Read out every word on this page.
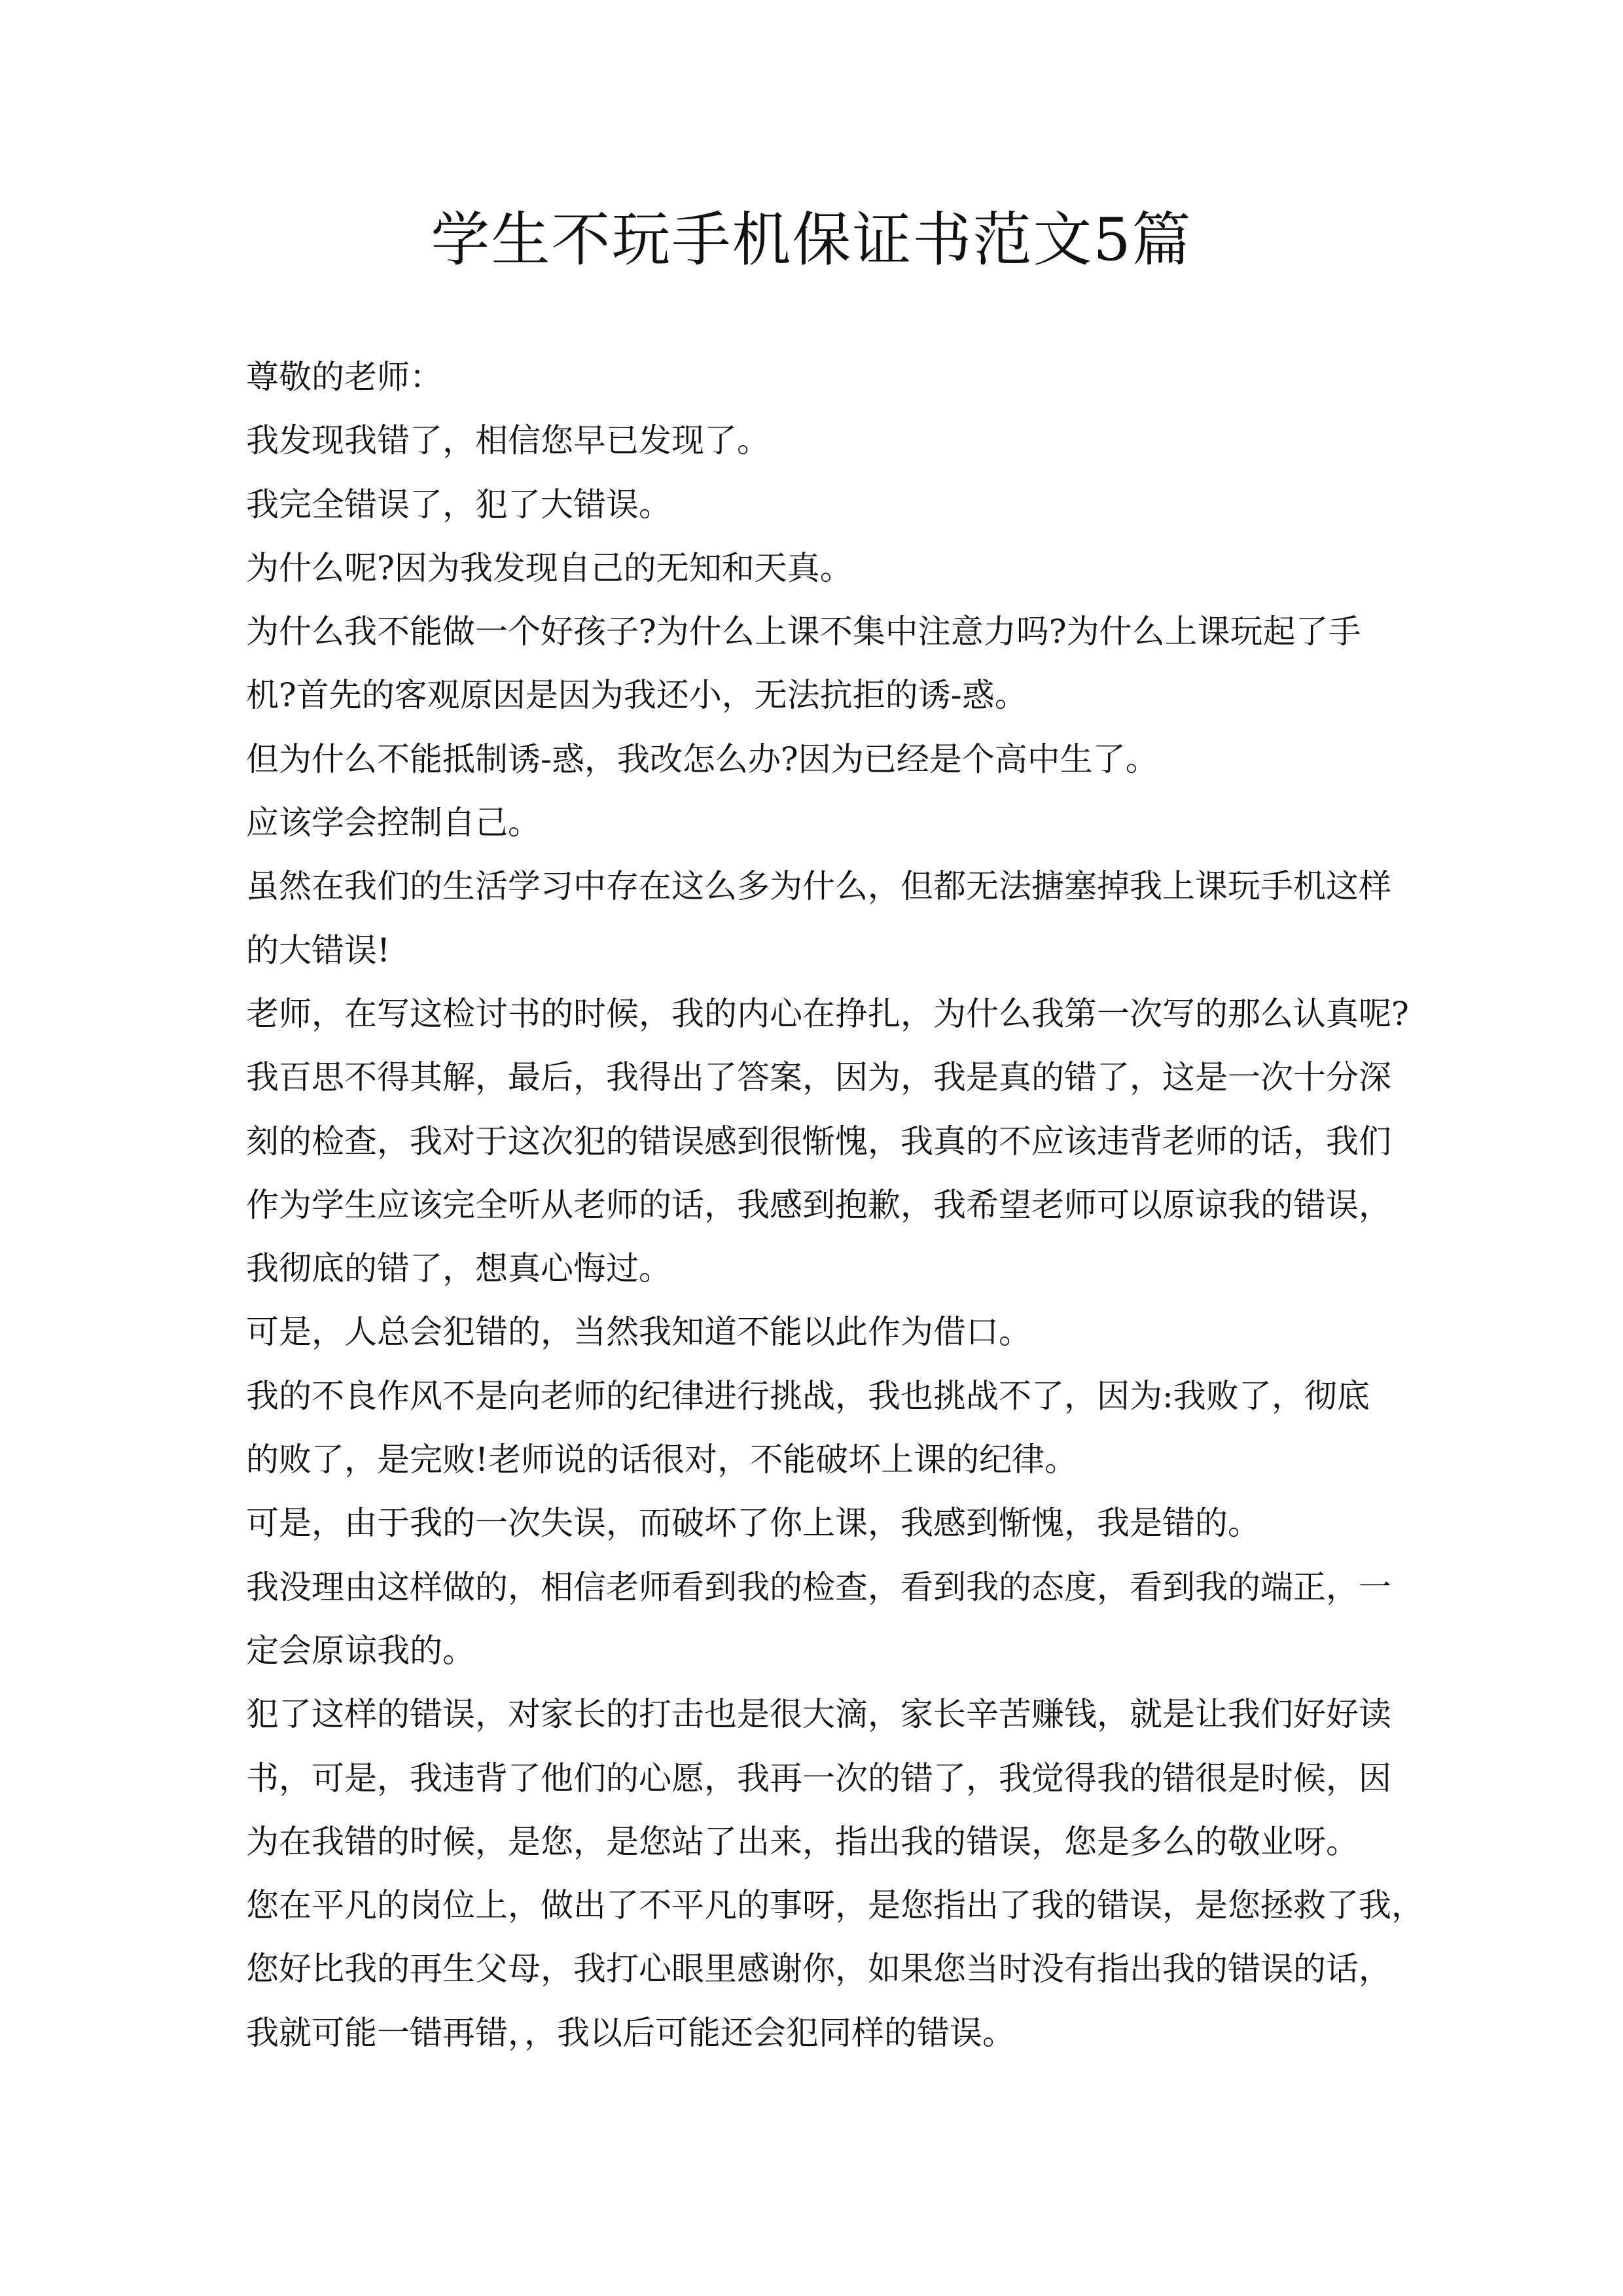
学生不玩手机保证书范文5篇
尊敬的老师：
我发现我错了，相信您早已发现了。
我完全错误了，犯了大错误。
为什么呢?因为我发现自己的无知和天真。
为什么我不能做一个好孩子?为什么上课不集中注意力吗?为什么上课玩起了手
机?首先的客观原因是因为我还小，无法抗拒的诱-惑。
但为什么不能抵制诱-惑，我改怎么办?因为已经是个高中生了。
应该学会控制自己。
虽然在我们的生活学习中存在这么多为什么，但都无法搪塞掉我上课玩手机这样
的大错误!
老师，在写这检讨书的时候，我的内心在挣扎，为什么我第一次写的那么认真呢?
我百思不得其解，最后，我得出了答案，因为，我是真的错了，这是一次十分深
刻的检查，我对于这次犯的错误感到很惭愧，我真的不应该违背老师的话，我们
作为学生应该完全听从老师的话，我感到抱歉，我希望老师可以原谅我的错误，
我彻底的错了，想真心悔过。
可是，人总会犯错的，当然我知道不能以此作为借口。
我的不良作风不是向老师的纪律进行挑战，我也挑战不了，因为:我败了，彻底
的败了，是完败!老师说的话很对，不能破坏上课的纪律。
可是，由于我的一次失误，而破坏了你上课，我感到惭愧，我是错的。
我没理由这样做的，相信老师看到我的检查，看到我的态度，看到我的端正，一
定会原谅我的。
犯了这样的错误，对家长的打击也是很大滴，家长辛苦赚钱，就是让我们好好读
书，可是，我违背了他们的心愿，我再一次的错了，我觉得我的错很是时候，因
为在我错的时候，是您，是您站了出来，指出我的错误，您是多么的敬业呀。
您在平凡的岗位上，做出了不平凡的事呀，是您指出了我的错误，是您拯救了我，
您好比我的再生父母，我打心眼里感谢你，如果您当时没有指出我的错误的话，
我就可能一错再错，，我以后可能还会犯同样的错误。
